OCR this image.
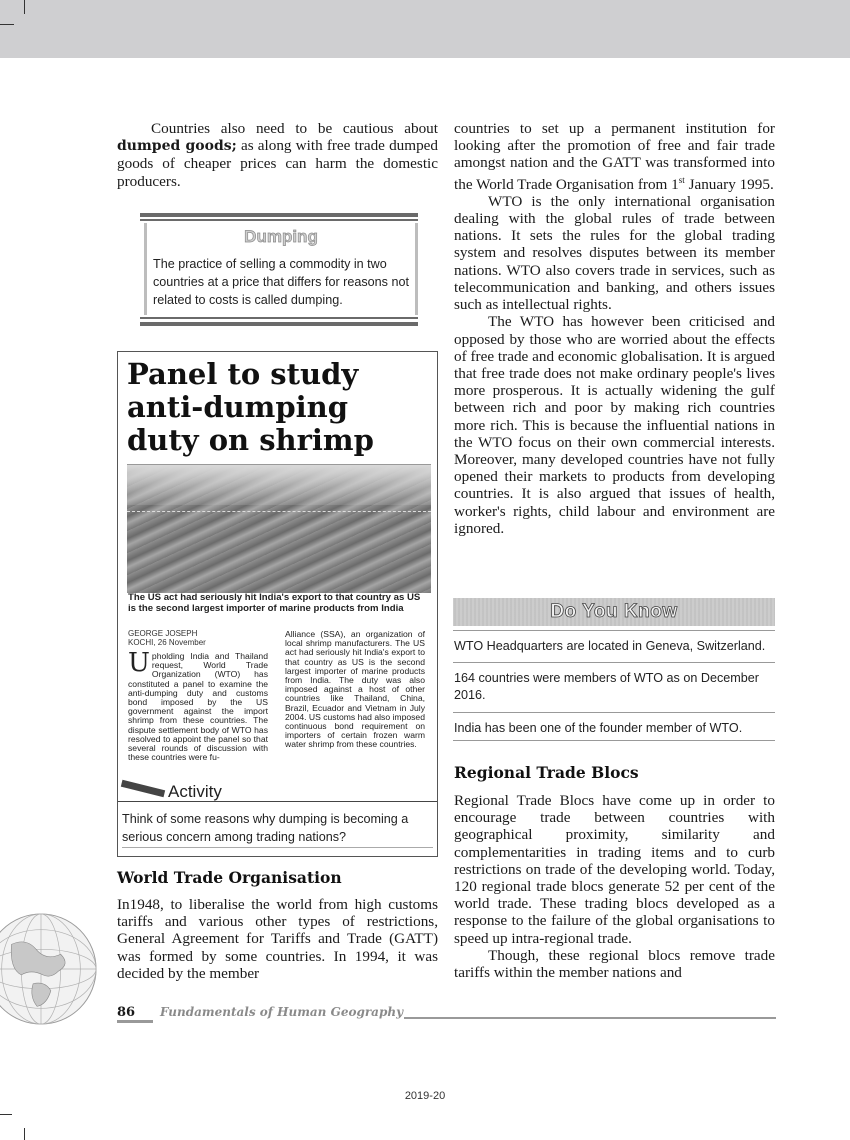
Countries also need to be cautious about dumped goods; as along with free trade dumped goods of cheaper prices can harm the domestic producers.

Dumping
The practice of selling a commodity in two countries at a price that differs for reasons not related to costs is called dumping.
Panel to study anti-dumping duty on shrimp
The US act had seriously hit India's export to that country as US is the second largest importer of marine products from India
GEORGE JOSEPH
KOCHI, 26 November
Upholding India and Thailand request, World Trade Organization (WTO) has constituted a panel to examine the anti-dumping duty and customs bond imposed by the US government against the import shrimp from these countries. The dispute settlement body of WTO has resolved to appoint the panel so that several rounds of discussion with these countries were fu-
Alliance (SSA), an organization of local shrimp manufacturers. The US act had seriously hit India's export to that country as US is the second largest importer of marine products from India. The duty was also imposed against a host of other countries like Thailand, China, Brazil, Ecuador and Vietnam in July 2004. US customs had also imposed continuous bond requirement on importers of certain frozen warm water shrimp from these countries.
Activity
Think of some reasons why dumping is becoming a serious concern among trading nations?
World Trade Organisation

In1948, to liberalise the world from high customs tariffs and various other types of restrictions, General Agreement for Tariffs and Trade (GATT) was formed by some countries. In 1994, it was decided by the member

countries to set up a permanent institution for looking after the promotion of free and fair trade amongst nation and the GATT was transformed into the World Trade Organisation from 1st January 1995.

WTO is the only international organisation dealing with the global rules of trade between nations. It sets the rules for the global trading system and resolves disputes between its member nations. WTO also covers trade in services, such as telecommunication and banking, and others issues such as intellectual rights.

The WTO has however been criticised and opposed by those who are worried about the effects of free trade and economic globalisation. It is argued that free trade does not make ordinary people's lives more prosperous. It is actually widening the gulf between rich and poor by making rich countries more rich. This is because the influential nations in the WTO focus on their own commercial interests. Moreover, many developed countries have not fully opened their markets to products from developing countries. It is also argued that issues of health, worker's rights, child labour and environment are ignored.

Do You Know
WTO Headquarters are located in Geneva, Switzerland.
164 countries were members of WTO as on December 2016.
India has been one of the founder member of WTO.
Regional Trade Blocs

Regional Trade Blocs have come up in order to encourage trade between countries with geographical proximity, similarity and complementarities in trading items and to curb restrictions on trade of the developing world. Today, 120 regional trade blocs generate 52 per cent of the world trade. These trading blocs developed as a response to the failure of the global organisations to speed up intra-regional trade.

Though, these regional blocs remove trade tariffs within the member nations and

86 Fundamentals of Human Geography
2019-20
